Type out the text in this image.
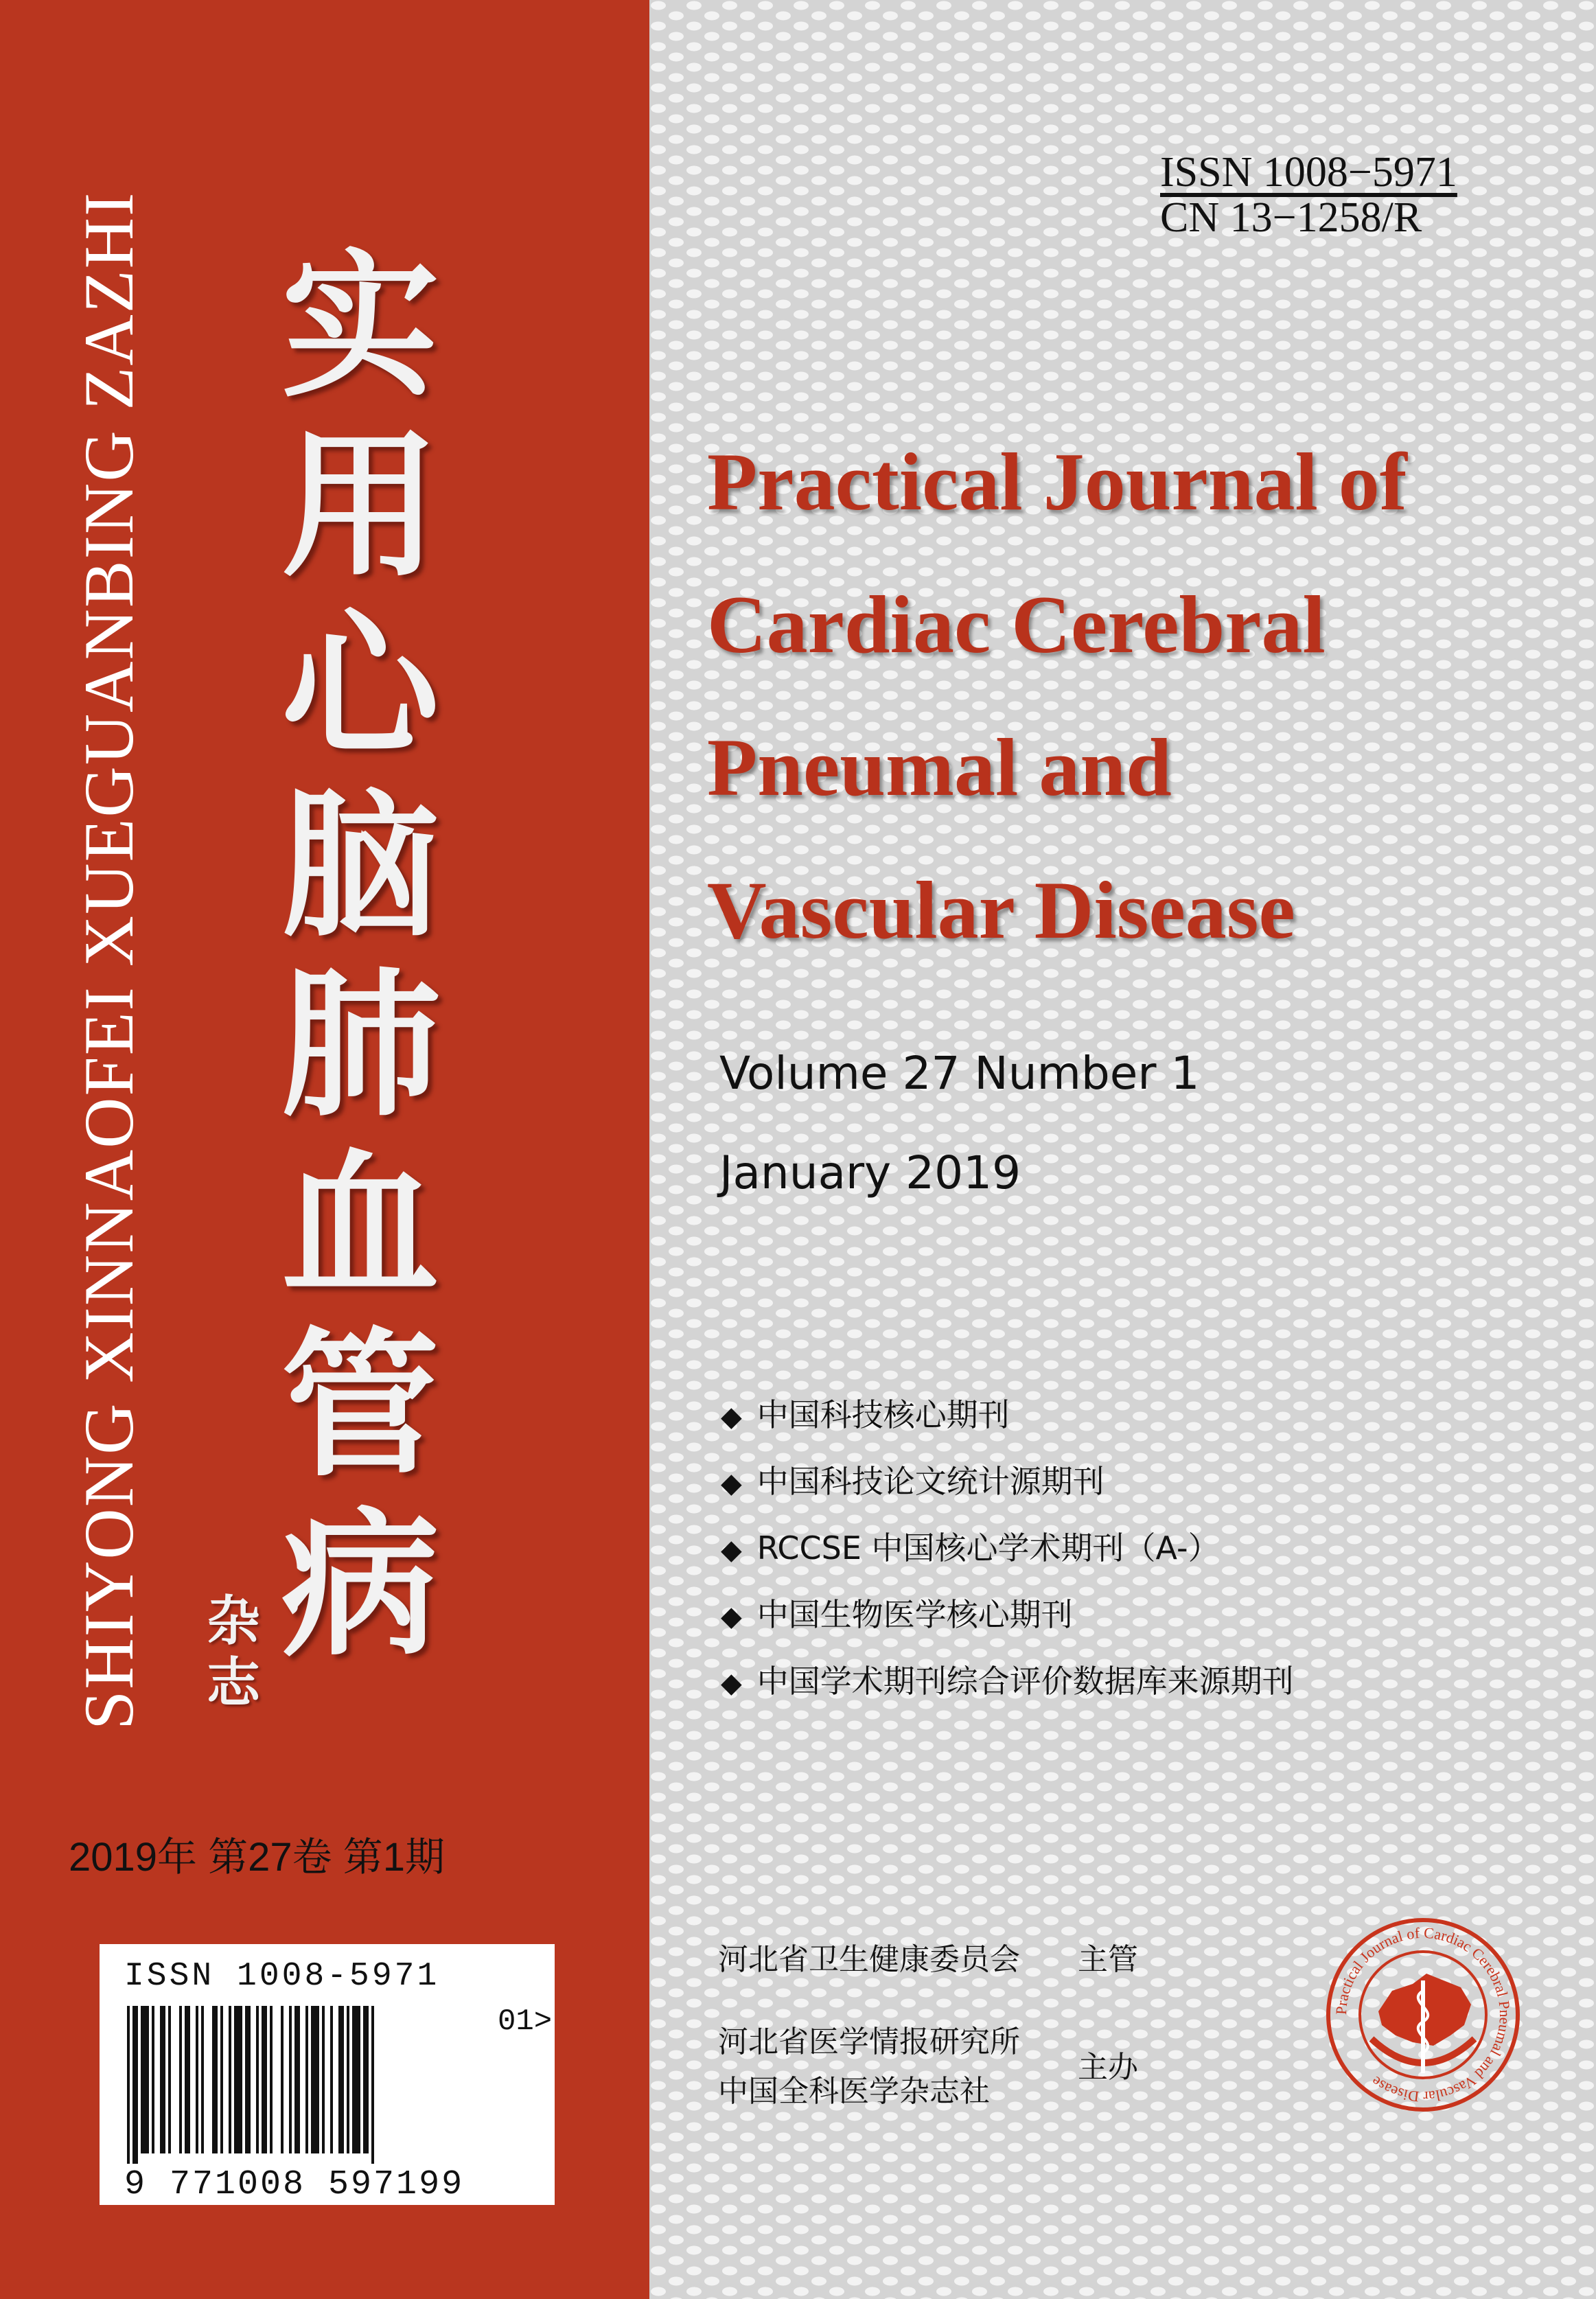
SHIYONG XINNAOFEI XUEGUANBING ZAZHI 实
用
心
脑
肺
血
管
病
杂
志
2019年 第27卷 第1期
ISSN 1008-5971
01>
9 771008 597199
ISSN 1008−5971
CN 13−1258/R
Practical Journal of
Cardiac Cerebral
Pneumal and
Vascular Disease
Volume 27 Number 1
January 2019
◆ 中国科技核心期刊
◆ 中国科技论文统计源期刊
◆ RCCSE 中国核心学术期刊（A-）
◆ 中国生物医学核心期刊
◆ 中国学术期刊综合评价数据库来源期刊
河北省卫生健康委员会 主管
河北省医学情报研究所
中国全科医学杂志社
主办
Practical Journal of Cardiac Cerebral Pneumal and Vascular Disease
